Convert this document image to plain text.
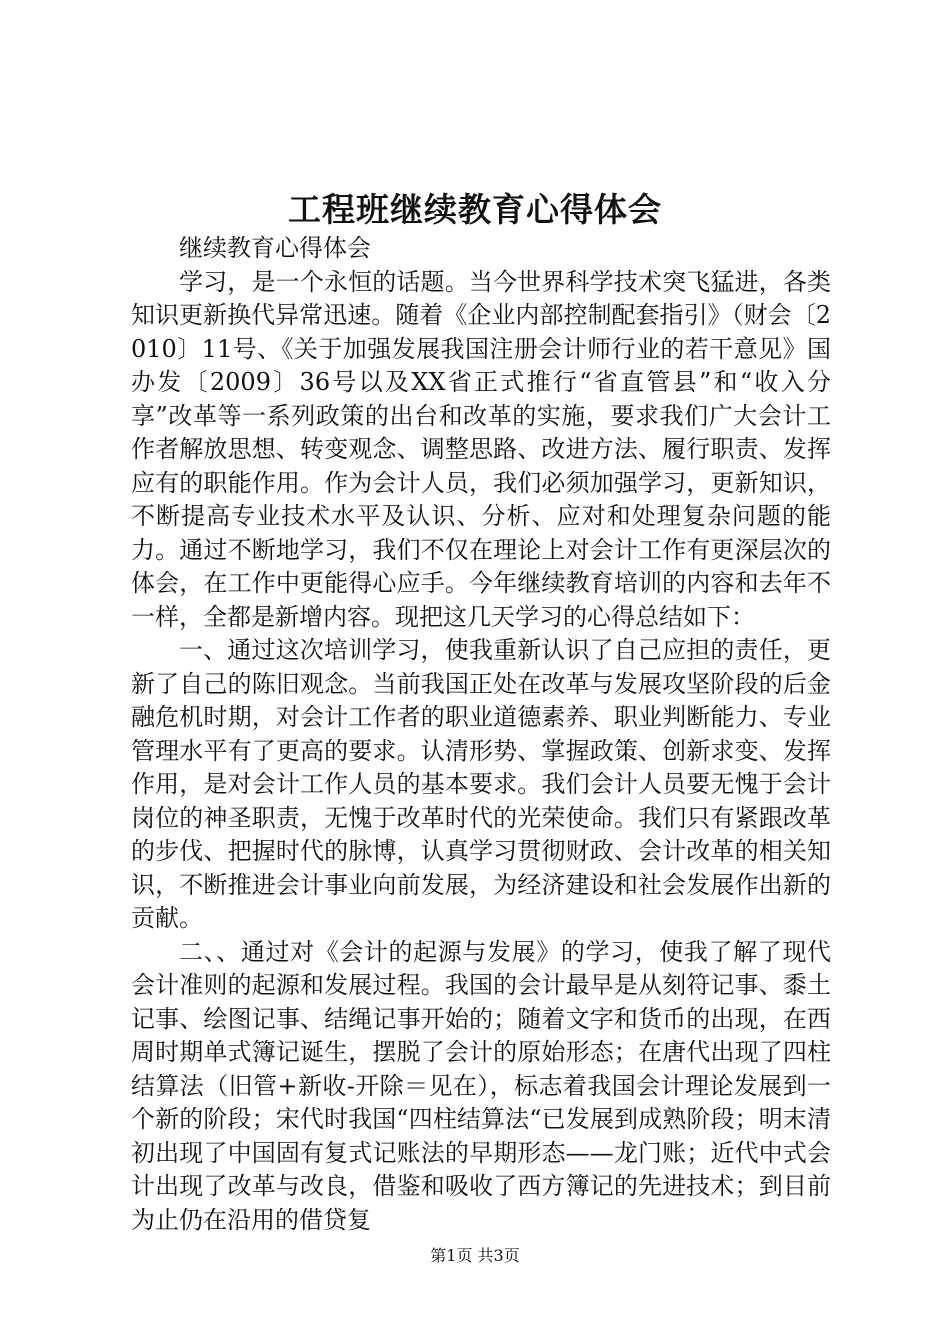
工程班继续教育心得体会

继续教育心得体会

学习，是一个永恒的话题。当今世界科学技术突飞猛进，各类知识更新换代异常迅速。随着《企业内部控制配套指引》（财会〔2010〕11号、《关于加强发展我国注册会计师行业的若干意见》国办发〔2009〕36号以及XX省正式推行“省直管县”和“收入分享”改革等一系列政策的出台和改革的实施，要求我们广大会计工作者解放思想、转变观念、调整思路、改进方法、履行职责、发挥应有的职能作用。作为会计人员，我们必须加强学习，更新知识，不断提高专业技术水平及认识、分析、应对和处理复杂问题的能力。通过不断地学习，我们不仅在理论上对会计工作有更深层次的体会，在工作中更能得心应手。今年继续教育培训的内容和去年不一样，全都是新增内容。现把这几天学习的心得总结如下：

一、通过这次培训学习，使我重新认识了自己应担的责任，更新了自己的陈旧观念。当前我国正处在改革与发展攻坚阶段的后金融危机时期，对会计工作者的职业道德素养、职业判断能力、专业管理水平有了更高的要求。认清形势、掌握政策、创新求变、发挥作用，是对会计工作人员的基本要求。我们会计人员要无愧于会计岗位的神圣职责，无愧于改革时代的光荣使命。我们只有紧跟改革的步伐、把握时代的脉博，认真学习贯彻财政、会计改革的相关知识，不断推进会计事业向前发展，为经济建设和社会发展作出新的贡献。

二、、通过对《会计的起源与发展》的学习，使我了解了现代会计准则的起源和发展过程。我国的会计最早是从刻符记事、黍土记事、绘图记事、结绳记事开始的；随着文字和货币的出现，在西周时期单式簿记诞生，摆脱了会计的原始形态；在唐代出现了四柱结算法（旧管+新收-开除＝见在），标志着我国会计理论发展到一个新的阶段；宋代时我国“四柱结算法“已发展到成熟阶段；明末清初出现了中国固有复式记账法的早期形态——龙门账；近代中式会计出现了改革与改良，借鉴和吸收了西方簿记的先进技术；到目前为止仍在沿用的借贷复

第1页 共3页
